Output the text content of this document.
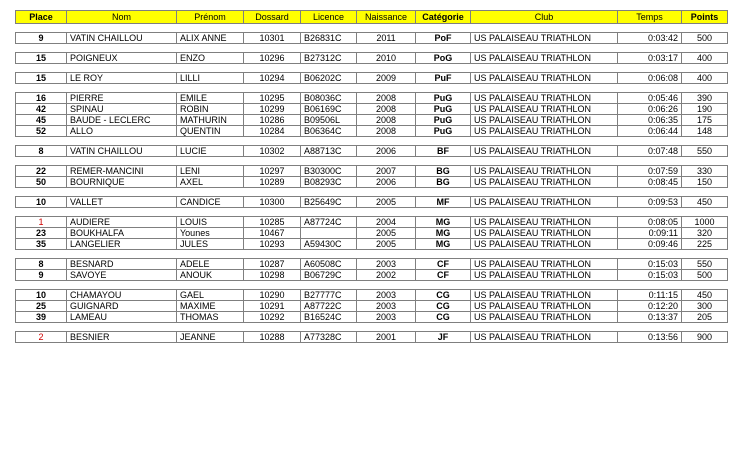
Place	Nom	Prénom	Dossard	Licence	Naissance	Catégorie	Club	Temps	Points

9	VATIN CHAILLOU	ALIX ANNE	10301	B26831C	2011	PoF	US PALAISEAU TRIATHLON	0:03:42	500

15	POIGNEUX	ENZO	10296	B27312C	2010	PoG	US PALAISEAU TRIATHLON	0:03:17	400

15	LE ROY	LILLI	10294	B06202C	2009	PuF	US PALAISEAU TRIATHLON	0:06:08	400

16	PIERRE	EMILE	10295	B08036C	2008	PuG	US PALAISEAU TRIATHLON	0:05:46	390
42	SPINAU	ROBIN	10299	B06169C	2008	PuG	US PALAISEAU TRIATHLON	0:06:26	190
45	BAUDE - LECLERC	MATHURIN	10286	B09506L	2008	PuG	US PALAISEAU TRIATHLON	0:06:35	175
52	ALLO	QUENTIN	10284	B06364C	2008	PuG	US PALAISEAU TRIATHLON	0:06:44	148

8	VATIN CHAILLOU	LUCIE	10302	A88713C	2006	BF	US PALAISEAU TRIATHLON	0:07:48	550

22	REMER-MANCINI	LENI	10297	B30300C	2007	BG	US PALAISEAU TRIATHLON	0:07:59	330
50	BOURNIQUE	AXEL	10289	B08293C	2006	BG	US PALAISEAU TRIATHLON	0:08:45	150

10	VALLET	CANDICE	10300	B25649C	2005	MF	US PALAISEAU TRIATHLON	0:09:53	450

1	AUDIERE	LOUIS	10285	A87724C	2004	MG	US PALAISEAU TRIATHLON	0:08:05	1000
23	BOUKHALFA	Younes	10467		2005	MG	US PALAISEAU TRIATHLON	0:09:11	320
35	LANGELIER	JULES	10293	A59430C	2005	MG	US PALAISEAU TRIATHLON	0:09:46	225

8	BESNARD	ADELE	10287	A60508C	2003	CF	US PALAISEAU TRIATHLON	0:15:03	550
9	SAVOYE	ANOUK	10298	B06729C	2002	CF	US PALAISEAU TRIATHLON	0:15:03	500

10	CHAMAYOU	GAEL	10290	B27777C	2003	CG	US PALAISEAU TRIATHLON	0:11:15	450
25	GUIGNARD	MAXIME	10291	A87722C	2003	CG	US PALAISEAU TRIATHLON	0:12:20	300
39	LAMEAU	THOMAS	10292	B16524C	2003	CG	US PALAISEAU TRIATHLON	0:13:37	205

2	BESNIER	JEANNE	10288	A77328C	2001	JF	US PALAISEAU TRIATHLON	0:13:56	900
